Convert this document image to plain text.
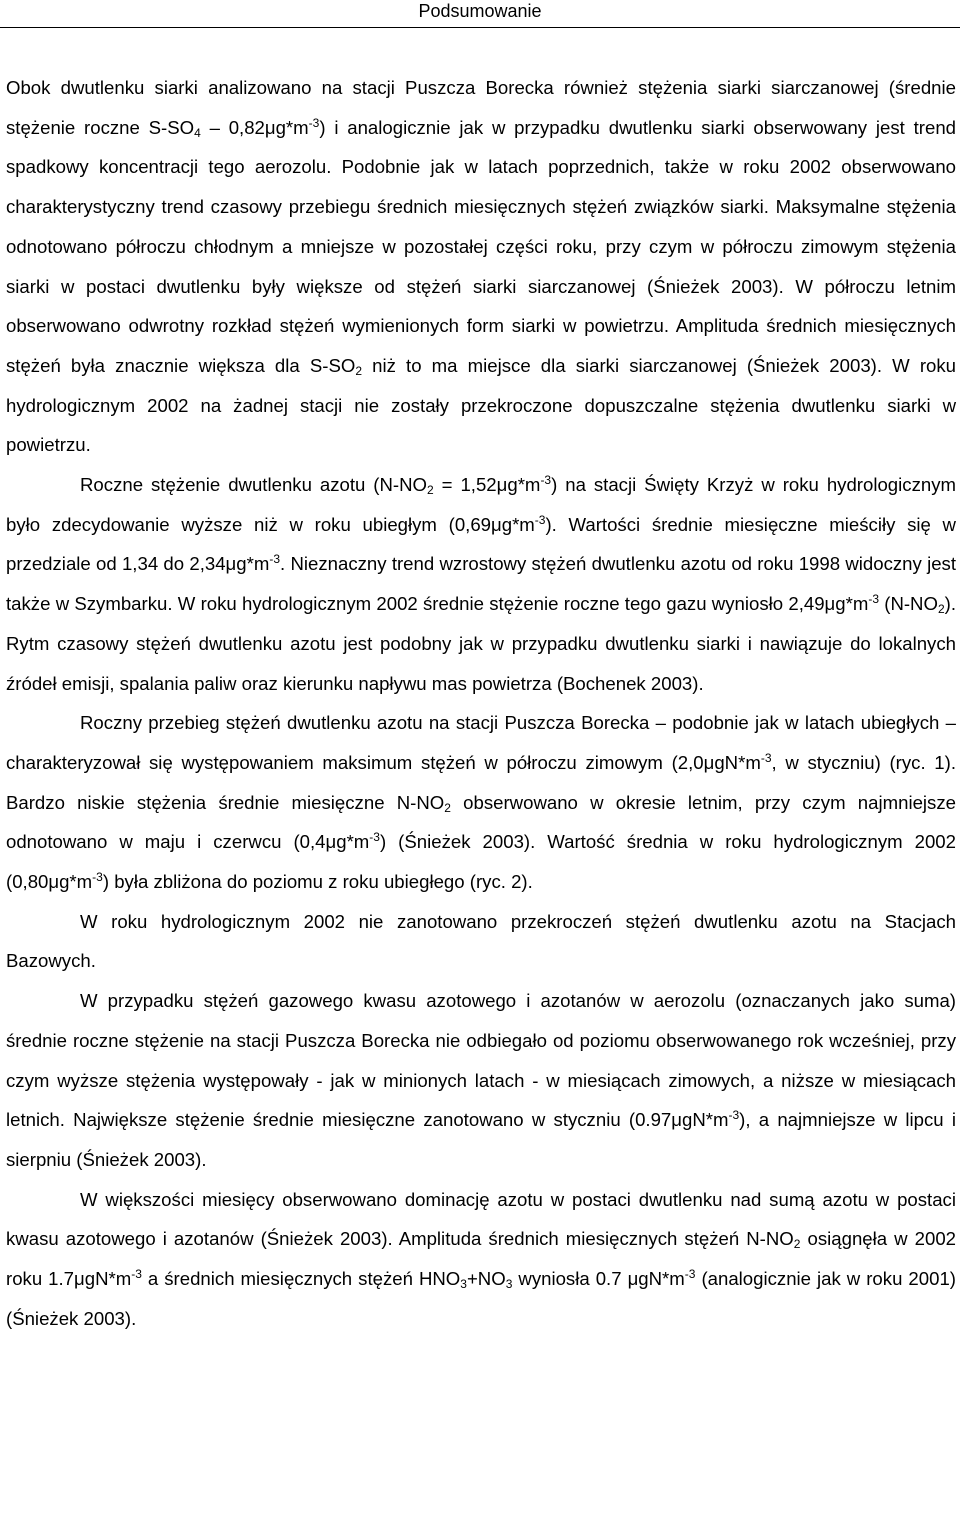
Podsumowanie

Obok dwutlenku siarki analizowano na stacji Puszcza Borecka również stężenia siarki siarczanowej (średnie stężenie roczne $S-SO_4 - 0,82\mu g*m^{-3}$) i analogicznie jak w przypadku dwutlenku siarki obserwowany jest trend spadkowy koncentracji tego aerozolu. Podobnie jak w latach poprzednich, także w roku 2002 obserwowano charakterystyczny trend czasowy przebiegu średnich miesięcznych stężeń związków siarki. Maksymalne stężenia odnotowano półroczu chłodnym a mniejsze w pozostałej części roku, przy czym w półroczu zimowym stężenia siarki w postaci dwutlenku były większe od stężeń siarki siarczanowej (Śnieżek 2003). W półroczu letnim obserwowano odwrotny rozkład stężeń wymienionych form siarki w powietrzu. Amplituda średnich miesięcznych stężeń była znacznie większa dla $S-SO_2$ niż to ma miejsce dla siarki siarczanowej (Śnieżek 2003). W roku hydrologicznym 2002 na żadnej stacji nie zostały przekroczone dopuszczalne stężenia dwutlenku siarki w powietrzu.

Roczne stężenie dwutlenku azotu $(N-NO_2 = 1,52\mu g*m^{-3})$ na stacji Święty Krzyż w roku hydrologicznym było zdecydowanie wyższe niż w roku ubiegłym $(0,69\mu g*m^{-3})$. Wartości średnie miesięczne mieściły się w przedziale od 1,34 do $2,34\mu g*m^{-3}$. Nieznaczny trend wzrostowy stężeń dwutlenku azotu od roku 1998 widoczny jest także w Szymbarku. W roku hydrologicznym 2002 średnie stężenie roczne tego gazu wyniosło $2,49\mu g*m^{-3}$ $(N-NO_2)$. Rytm czasowy stężeń dwutlenku azotu jest podobny jak w przypadku dwutlenku siarki i nawiązuje do lokalnych źródeł emisji, spalania paliw oraz kierunku napływu mas powietrza (Bochenek 2003).

Roczny przebieg stężeń dwutlenku azotu na stacji Puszcza Borecka – podobnie jak w latach ubiegłych – charakteryzował się występowaniem maksimum stężeń w półroczu zimowym ($2,0\mu gN*m^{-3}$, w styczniu) (ryc. 1). Bardzo niskie stężenia średnie miesięczne $N-NO_2$ obserwowano w okresie letnim, przy czym najmniejsze odnotowano w maju i czerwcu $(0,4\mu g*m^{-3})$ (Śnieżek 2003). Wartość średnia w roku hydrologicznym 2002 $(0,80\mu g*m^{-3})$ była zbliżona do poziomu z roku ubiegłego (ryc. 2).

W roku hydrologicznym 2002 nie zanotowano przekroczeń stężeń dwutlenku azotu na Stacjach Bazowych.

W przypadku stężeń gazowego kwasu azotowego i azotanów w aerozolu (oznaczanych jako suma) średnie roczne stężenie na stacji Puszcza Borecka nie odbiegało od poziomu obserwowanego rok wcześniej, przy czym wyższe stężenia występowały - jak w minionych latach - w miesiącach zimowych, a niższe w miesiącach letnich. Największe stężenie średnie miesięczne zanotowano w styczniu $(0.97\mu gN*m^{-3})$, a najmniejsze w lipcu i sierpniu (Śnieżek 2003).

W większości miesięcy obserwowano dominację azotu w postaci dwutlenku nad sumą azotu w postaci kwasu azotowego i azotanów (Śnieżek 2003). Amplituda średnich miesięcznych stężeń $N-NO_2$ osiągnęła w 2002 roku $1.7\mu gN*m^{-3}$ a średnich miesięcznych stężeń $HNO_3+NO_3$ wyniosła 0.7 $\mu gN*m^{-3}$ (analogicznie jak w roku 2001) (Śnieżek 2003).
